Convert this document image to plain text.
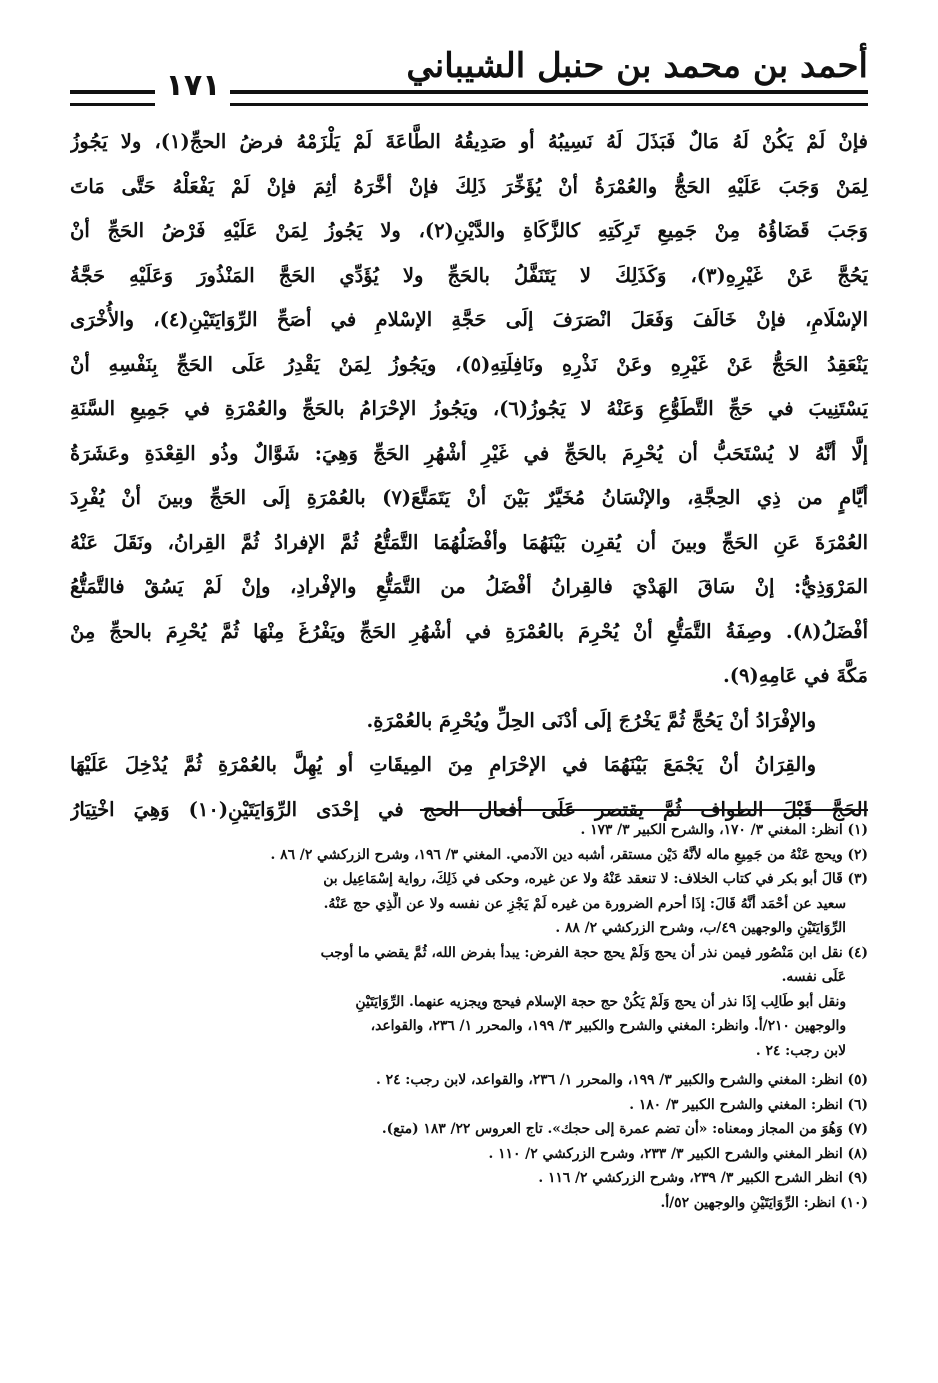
أحمد بن محمد بن حنبل الشيباني
١٧١
فإنْ لَمْ يَكُنْ لَهُ مَالٌ فَبَذَلَ لَهُ نَسِيبُهُ أو صَدِيقُهُ الطَّاعَةَ لَمْ يَلْزَمْهُ فرضُ الحجِّ(١)، ولا يَجُوزُ
لِمَنْ وَجَبَ عَلَيْهِ الحَجُّ والعُمْرَةُ أنْ يُؤَخِّرَ ذَلِكَ فإنْ أخَّرَهُ أثِمَ فإنْ لَمْ يَفْعَلْهُ حَتَّى مَاتَ
وَجَبَ قَضَاؤُهُ مِنْ جَمِيعِ تَرِكَتِهِ كالزَّكَاةِ والدَّيْنِ(٢)، ولا يَجُوزُ لِمَنْ عَلَيْهِ فَرْضُ الحَجِّ أنْ
يَحُجَّ عَنْ غَيْرِهِ(٣)، وَكَذَلِكَ لا يَتَنَفَّلُ بالحَجِّ ولا يُؤَدِّي الحَجَّ المَنْذُورَ وَعَلَيْهِ حَجَّةُ
الإسْلَامِ، فإنْ خَالَفَ وَفَعَلَ انْصَرَفَ إلَى حَجَّةِ الإسْلامِ في أصَحِّ الرِّوَايَتَيْنِ(٤)، والأُخْرَى
يَنْعَقِدُ الحَجُّ عَنْ غَيْرِهِ وعَنْ نَذْرِهِ ونَافِلَتِهِ(٥)، ويَجُوزُ لِمَنْ يَقْدِرُ عَلَى الحَجِّ بِنَفْسِهِ أنْ
يَسْتَنِيبَ في حَجِّ التَّطَوُّعِ وَعَنْهُ لا يَجُوزُ(٦)، ويَجُوزُ الإحْرَامُ بالحَجِّ والعُمْرَةِ في جَمِيعِ السَّنَةِ
إلَّا أنَّهُ لا يُسْتَحَبُّ أن يُحْرِمَ بالحَجِّ في غَيْرِ أشْهُرِ الحَجِّ وَهِيَ: شَوَّالٌ وذُو القِعْدَةِ وعَشَرَةُ
أيَّامٍ من ذِي الحِجَّةِ، والإنْسَانُ مُخَيَّرٌ بَيْنَ أنْ يَتَمَتَّعَ(٧) بالعُمْرَةِ إلَى الحَجِّ وبينَ أنْ يُفْرِدَ
العُمْرَةَ عَنِ الحَجِّ وبينَ أن يُقرِن بَيْنَهُمَا وأفْضَلُهُمَا التَّمَتُّعُ ثُمَّ الإفرادُ ثُمَّ القِرانُ، ونَقَلَ عَنْهُ
المَرْوَذِيُّ: إنْ سَاقَ الهَدْيَ فالقِرانُ أفْضَلُ من التَّمَتُّعِ والإفْرادِ، وإنْ لَمْ يَسُقْ فالتَّمَتُّعُ
أفْضَلُ(٨). وصِفَةُ التَّمَتُّعِ أنْ يُحْرِمَ بالعُمْرَةِ في أشْهُرِ الحَجِّ ويَفْرُغَ مِنْهَا ثُمَّ يُحْرِمَ بالحجِّ مِنْ
مَكَّةَ في عَامِهِ(٩).
والإفْرَادُ أنْ يَحُجَّ ثُمَّ يَخْرُجَ إلَى أدْنَى الحِلِّ ويُحْرِمَ بالعُمْرَةِ.
والقِرَانُ أنْ يَجْمَعَ بَيْنَهُمَا في الإحْرَامِ مِنَ المِيقَاتِ أو يُهِلَّ بالعُمْرَةِ ثُمَّ يُدْخِلَ عَلَيْهَا
الحَجَّ قَبْلَ الطواف ثُمَّ يقتصر عَلَى أفعال الحج في إحْدَى الرِّوَايَتَيْنِ(١٠) وَهِيَ اخْتِيَارُ
(١) انظر: المغني ٣/ ١٧٠، والشرح الكبير ٣/ ١٧٣ .
(٢) ويحج عَنْهُ من جَمِيعِ ماله لأنَّهُ دَيْن مستقر، أشبه دين الآدمي. المغني ٣/ ١٩٦، وشرح الزركشي ٢/ ٨٦ .
(٣) قَالَ أبو بكر في كتاب الخلاف: لا تنعقد عَنْهُ ولا عن غيره، وحكى في ذَلِكَ، رواية إسْمَاعِيل بن
سعيد عن أحْمَد أنَّهُ قَالَ: إذَا أحرم الضرورة من غيره لَمْ يَجْزِ عن نفسه ولا عن الَّذِي حج عَنْهُ.
الرِّوَايَتَيْنِ والوجهين ٤٩/ب، وشرح الزركشي ٢/ ٨٨ .
(٤) نقل ابن مَنْصُور فيمن نذر أن يحج وَلَمْ يحج حجة الفرض: يبدأ بفرض الله، ثُمَّ يقضي ما أوجب
عَلَى نفسه.
ونقل أبو طَالِب إذَا نذر أن يحج وَلَمْ يَكُنْ حج حجة الإسلام فيحج ويجزيه عنهما. الرِّوَايَتَيْنِ
والوجهين ٢١٠/أ. وانظر: المغني والشرح والكبير ٣/ ١٩٩، والمحرر ١/ ٢٣٦، والقواعد،
لابن رجب: ٢٤ .
(٥) انظر: المغني والشرح والكبير ٣/ ١٩٩، والمحرر ١/ ٢٣٦، والقواعد، لابن رجب: ٢٤ .
(٦) انظر: المغني والشرح الكبير ٣/ ١٨٠ .
(٧) وَهُوَ من المجاز ومعناه: «أن تضم عمرة إلى حجك». تاج العروس ٢٢/ ١٨٣ (متع).
(٨) انظر المغني والشرح الكبير ٣/ ٢٣٣، وشرح الزركشي ٢/ ١١٠ .
(٩) انظر الشرح الكبير ٣/ ٢٣٩، وشرح الزركشي ٢/ ١١٦ .
(١٠) انظر: الرِّوَايَتَيْنِ والوجهين ٥٢/أ.
